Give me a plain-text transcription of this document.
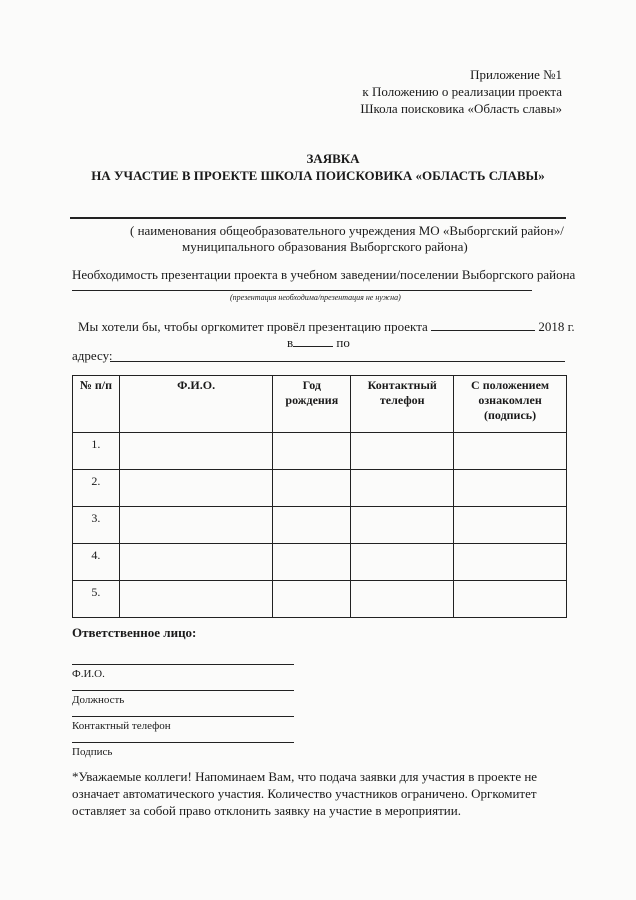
Приложение №1
к Положению о реализации проекта
Школа поисковика «Область славы»
ЗАЯВКА
НА УЧАСТИЕ В ПРОЕКТЕ ШКОЛА ПОИСКОВИКА «ОБЛАСТЬ СЛАВЫ»
( наименования общеобразовательного учреждения МО «Выборгский район»/
муниципального образования Выборгского района)
Необходимость презентации проекта в учебном заведении/поселении Выборгского района
(презентация необходима/презентация не нужна)
Мы хотели бы, чтобы оргкомитет провёл презентацию проекта	2018 г.
в	по
адресу:
№ п/п	Ф.И.О.	Год рождения	Контактный телефон	С положением ознакомлен (подпись)
1.				
2.				
3.				
4.				
5.				
Ответственное лицо:
Ф.И.О.
Должность
Контактный телефон
Подпись
*Уважаемые коллеги! Напоминаем Вам, что подача заявки для участия в проекте не означает автоматического участия. Количество участников ограничено. Оргкомитет оставляет за собой право отклонить заявку на участие в мероприятии.
